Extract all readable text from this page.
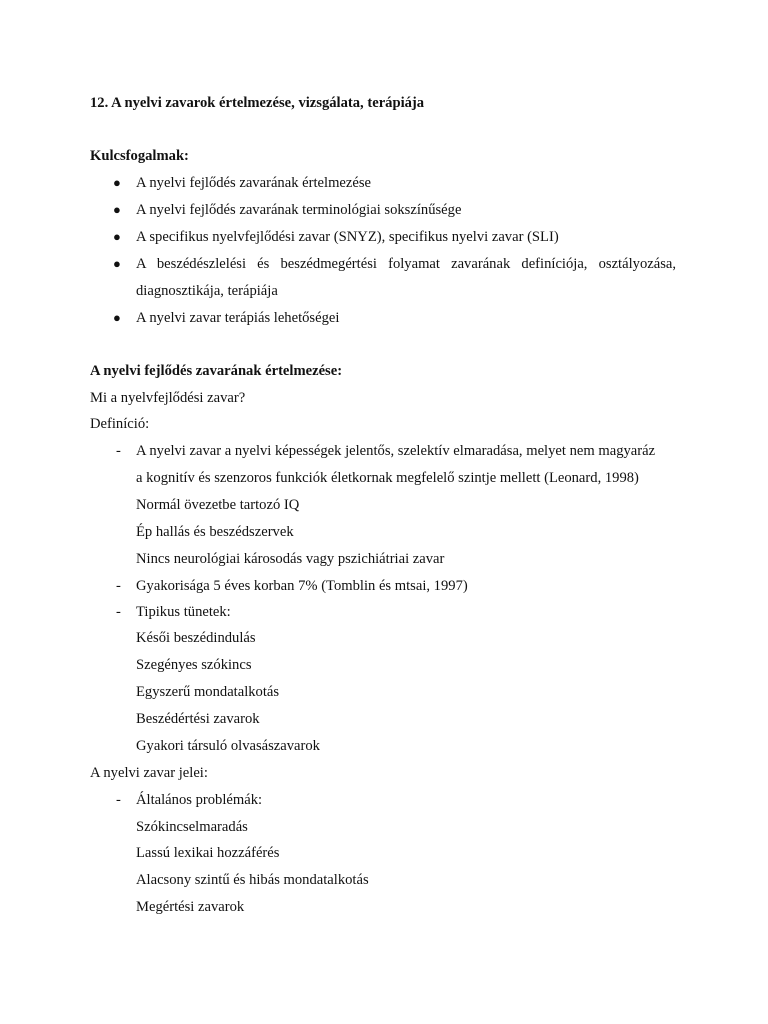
12. A nyelvi zavarok értelmezése, vizsgálata, terápiája
Kulcsfogalmak:
● A nyelvi fejlődés zavarának értelmezése
● A nyelvi fejlődés zavarának terminológiai sokszínűsége
● A specifikus nyelvfejlődési zavar (SNYZ), specifikus nyelvi zavar (SLI)
● A beszédészlelési és beszédmegértési folyamat zavarának definíciója, osztályozása,
diagnosztikája, terápiája
● A nyelvi zavar terápiás lehetőségei
A nyelvi fejlődés zavarának értelmezése:
Mi a nyelvfejlődési zavar?
Definíció:
- A nyelvi zavar a nyelvi képességek jelentős, szelektív elmaradása, melyet nem magyaráz
a kognitív és szenzoros funkciók életkornak megfelelő szintje mellett (Leonard, 1998)
Normál övezetbe tartozó IQ
Ép hallás és beszédszervek
Nincs neurológiai károsodás vagy pszichiátriai zavar
- Gyakorisága 5 éves korban 7% (Tomblin és mtsai, 1997)
- Tipikus tünetek:
Késői beszédindulás
Szegényes szókincs
Egyszerű mondatalkotás
Beszédértési zavarok
Gyakori társuló olvasászavarok
A nyelvi zavar jelei:
- Általános problémák:
Szókincselmaradás
Lassú lexikai hozzáférés
Alacsony szintű és hibás mondatalkotás
Megértési zavarok
